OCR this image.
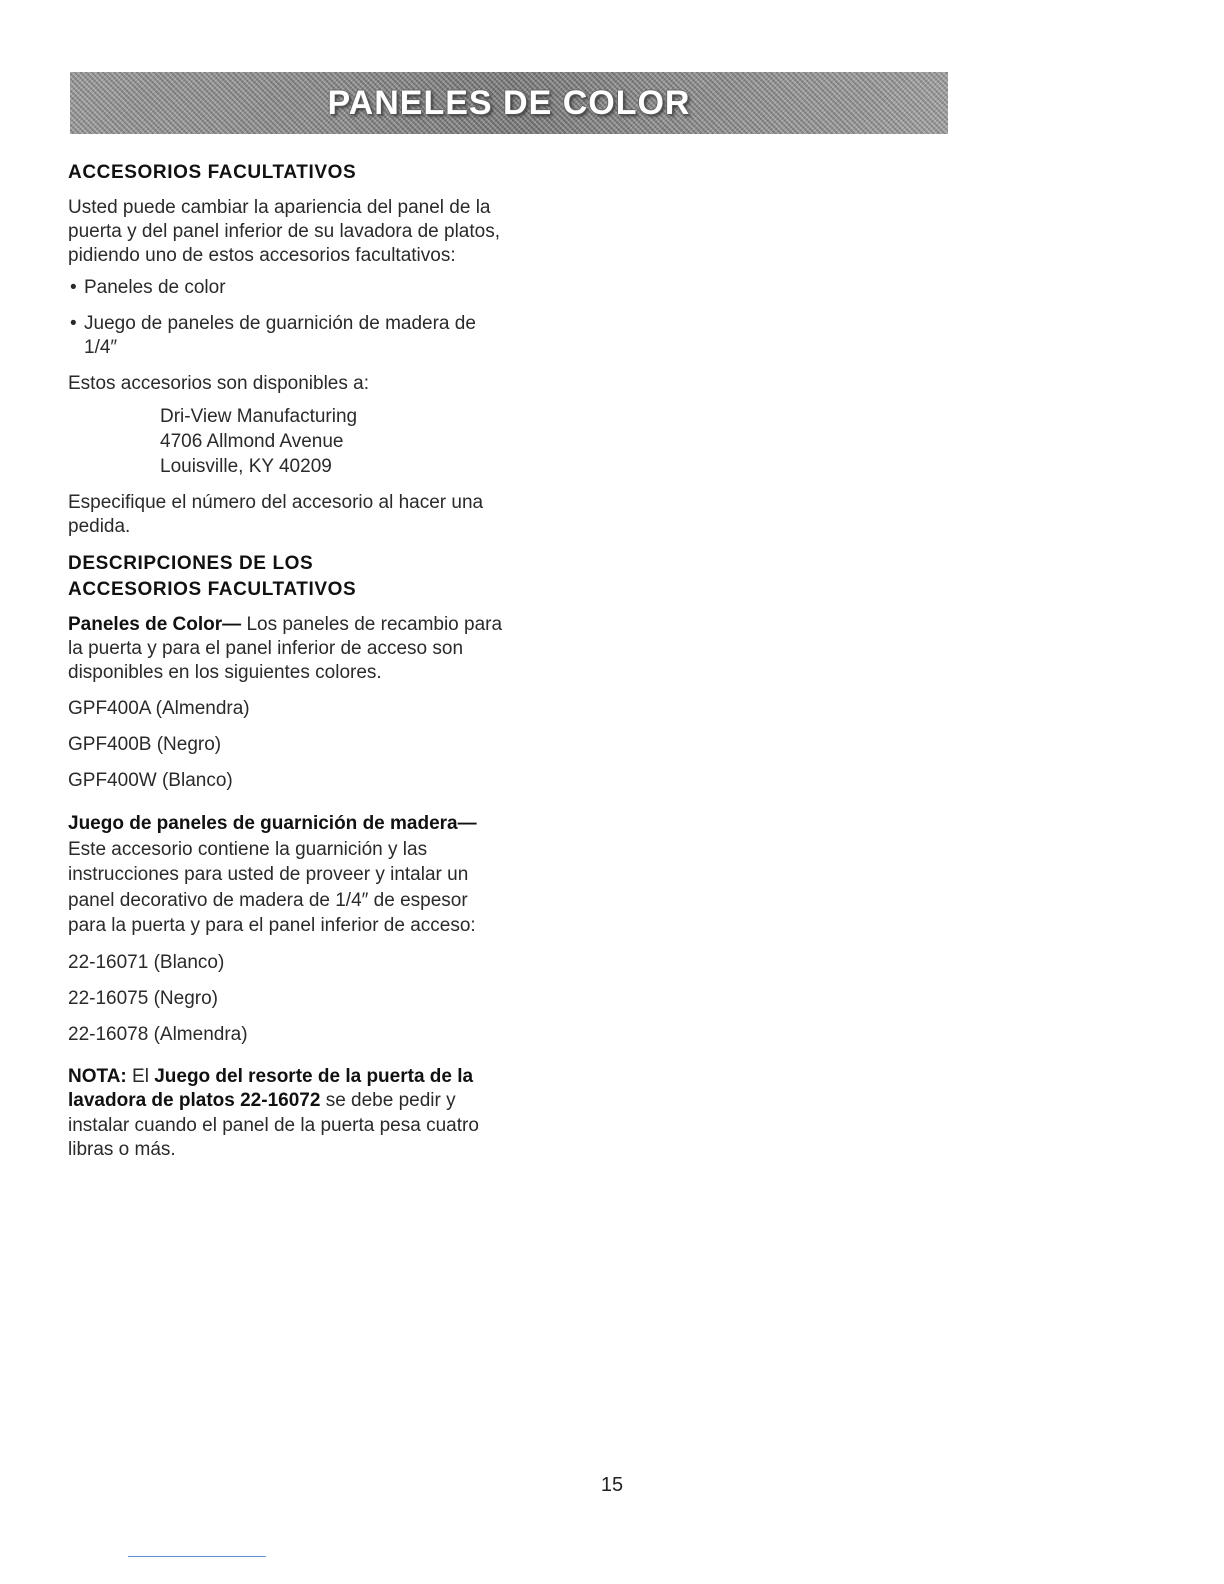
PANELES DE COLOR
ACCESORIOS FACULTATIVOS

Usted puede cambiar la apariencia del panel de la puerta y del panel inferior de su lavadora de platos, pidiendo uno de estos accesorios facultativos:

• Paneles de color
• Juego de paneles de guarnición de madera de 1/4″

Estos accesorios son disponibles a:

Dri-View Manufacturing
4706 Allmond Avenue
Louisville, KY 40209

Especifique el número del accesorio al hacer una pedida.

DESCRIPCIONES DE LOS
ACCESORIOS FACULTATIVOS

Paneles de Color— Los paneles de recambio para la puerta y para el panel inferior de acceso son disponibles en los siguientes colores.

GPF400A (Almendra)
GPF400B (Negro)
GPF400W (Blanco)

Juego de paneles de guarnición de madera— Este accesorio contiene la guarnición y las instrucciones para usted de proveer y intalar un panel decorativo de madera de 1/4″ de espesor para la puerta y para el panel inferior de acceso:

22-16071 (Blanco)
22-16075 (Negro)
22-16078 (Almendra)

NOTA: El Juego del resorte de la puerta de la lavadora de platos 22-16072 se debe pedir y instalar cuando el panel de la puerta pesa cuatro libras o más.

15
